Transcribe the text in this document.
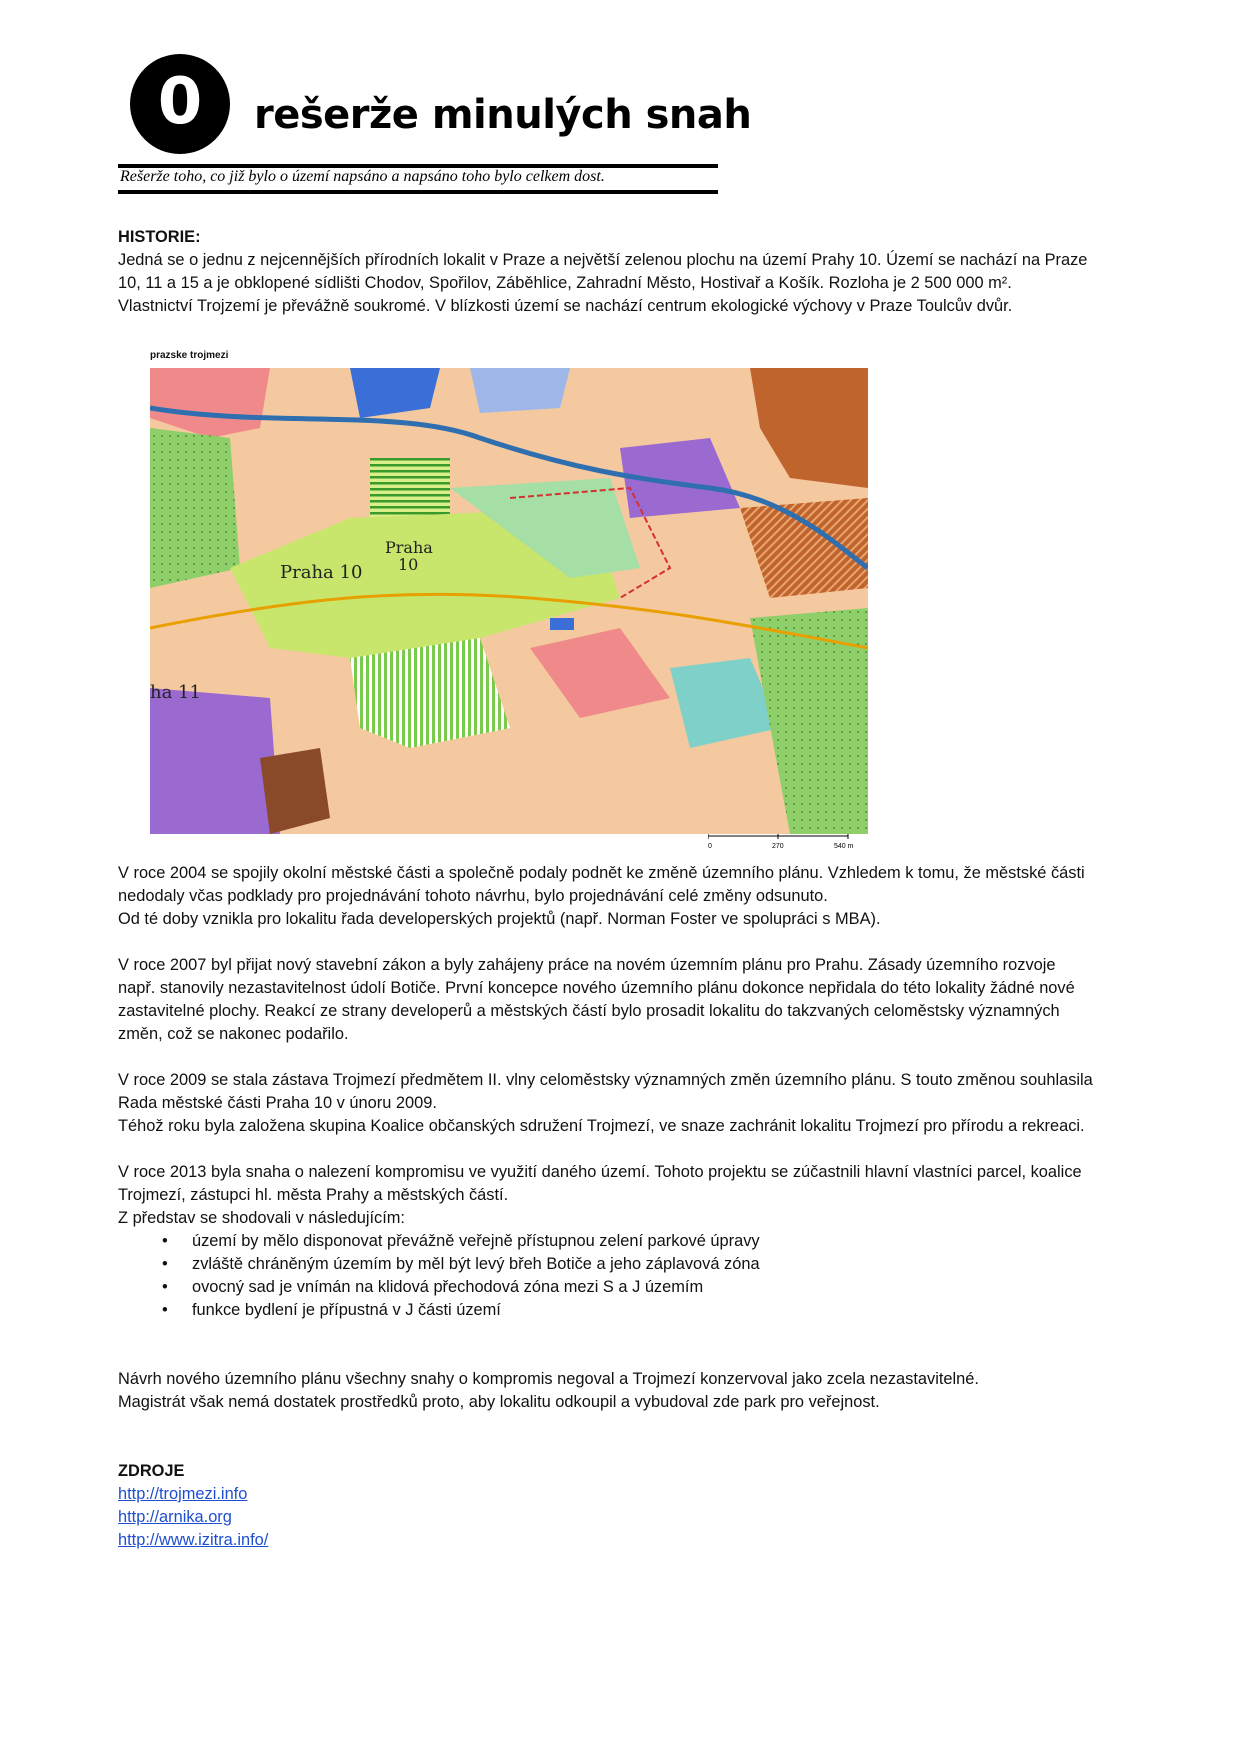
0 rešerže minulých snah
Rešerže toho, co již bylo o území napsáno a napsáno toho bylo celkem dost.

HISTORIE:

Jedná se o jednu z nejcennějších přírodních lokalit v Praze a největší zelenou plochu na území Prahy 10. Území se nachází na Praze

10, 11 a 15 a je obklopené sídlišti Chodov, Spořilov, Záběhlice, Zahradní Město, Hostivař a Košík. Rozloha je 2 500 000 m².

Vlastnictví Trojzemí je převážně soukromé. V blízkosti území se nachází centrum ekologické výchovy v Praze Toulcův dvůr.

prazske trojmezi
Praha 10
Praha
10
ha 11
0	270	540 m

V roce 2004 se spojily okolní městské části a společně podaly podnět ke změně územního plánu. Vzhledem k tomu, že městské části

nedodaly včas podklady pro projednávání tohoto návrhu, bylo projednávání celé změny odsunuto.

Od té doby vznikla pro lokalitu řada developerských projektů (např. Norman Foster ve spolupráci s MBA).

V roce 2007 byl přijat nový stavební zákon a byly zahájeny práce na novém územním plánu pro Prahu. Zásady územního rozvoje

např. stanovily nezastavitelnost údolí Botiče. První koncepce nového územního plánu dokonce nepřidala do této lokality žádné nové

zastavitelné plochy. Reakcí ze strany developerů a městských částí bylo prosadit lokalitu do takzvaných celoměstsky významných

změn, což se nakonec podařilo.

V roce 2009 se stala zástava Trojmezí předmětem II. vlny celoměstsky významných změn územního plánu. S touto změnou souhlasila

Rada městské části Praha 10 v únoru 2009.

Téhož roku byla založena skupina Koalice občanských sdružení Trojmezí, ve snaze zachránit lokalitu Trojmezí pro přírodu a rekreaci.

V roce 2013 byla snaha o nalezení kompromisu ve využití daného území. Tohoto projektu se zúčastnili hlavní vlastníci parcel, koalice

Trojmezí, zástupci hl. města Prahy a městských částí.

Z představ se shodovali v následujícím:

• území by mělo disponovat převážně veřejně přístupnou zelení parkové úpravy
• zvláště chráněným územím by měl být levý břeh Botiče a jeho záplavová zóna
• ovocný sad je vnímán na klidová přechodová zóna mezi S a J územím
• funkce bydlení je přípustná v J části území

Návrh nového územního plánu všechny snahy o kompromis negoval a Trojmezí konzervoval jako zcela nezastavitelné.

Magistrát však nemá dostatek prostředků proto, aby lokalitu odkoupil a vybudoval zde park pro veřejnost.

ZDROJE

http://trojmezi.info

http://arnika.org

http://www.izitra.info/
